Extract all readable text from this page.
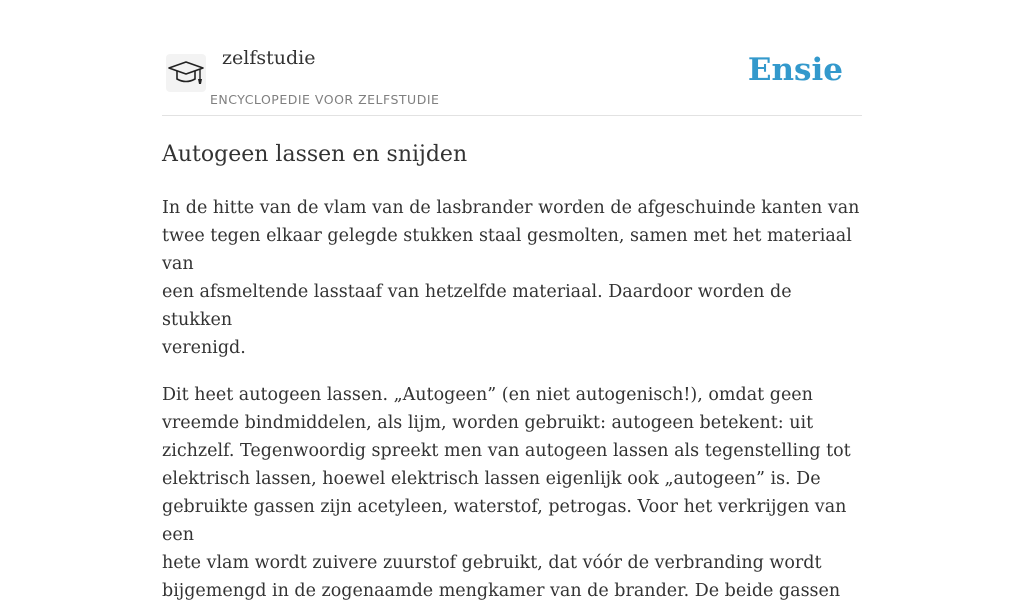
zelfstudie
ENCYCLOPEDIE VOOR ZELFSTUDIE
Ensie
Autogeen lassen en snijden

In de hitte van de vlam van de lasbrander worden de afgeschuinde kanten van
twee tegen elkaar gelegde stukken staal gesmolten, samen met het materiaal van
een afsmeltende lasstaaf van hetzelfde materiaal. Daardoor worden de stukken
verenigd.

Dit heet autogeen lassen. „Autogeen” (en niet autogenisch!), omdat geen
vreemde bindmiddelen, als lijm, worden gebruikt: autogeen betekent: uit
zichzelf. Tegenwoordig spreekt men van autogeen lassen als tegenstelling tot
elektrisch lassen, hoewel elektrisch lassen eigenlijk ook „autogeen” is. De
gebruikte gassen zijn acetyleen, waterstof, petrogas. Voor het verkrijgen van een
hete vlam wordt zuivere zuurstof gebruikt, dat vóór de verbranding wordt
bijgemengd in de zogenaamde mengkamer van de brander. De beide gassen
